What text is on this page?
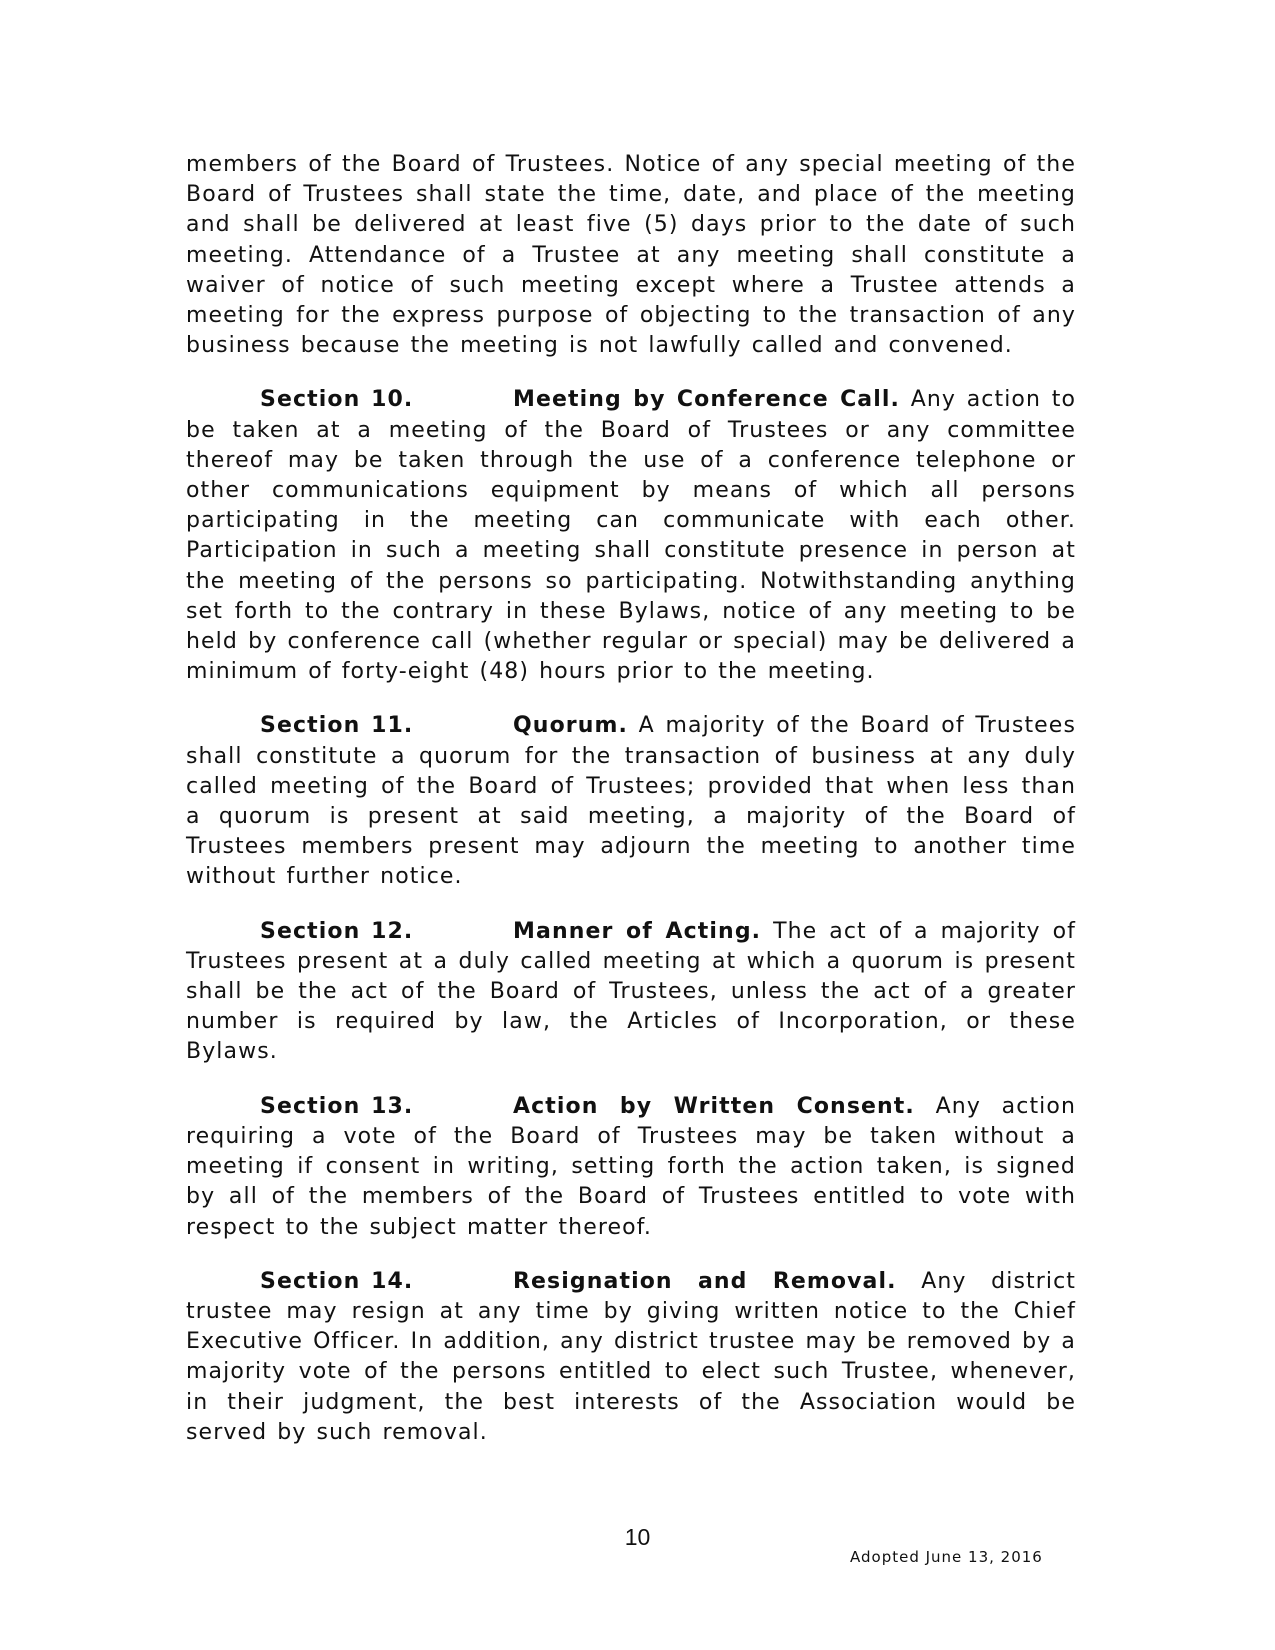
members of the Board of Trustees. Notice of any special meeting of the Board of Trustees shall state the time, date, and place of the meeting and shall be delivered at least five (5) days prior to the date of such meeting. Attendance of a Trustee at any meeting shall constitute a waiver of notice of such meeting except where a Trustee attends a meeting for the express purpose of objecting to the transaction of any business because the meeting is not lawfully called and convened.

Section 10.	Meeting by Conference Call. Any action to be taken at a meeting of the Board of Trustees or any committee thereof may be taken through the use of a conference telephone or other communications equipment by means of which all persons participating in the meeting can communicate with each other. Participation in such a meeting shall constitute presence in person at the meeting of the persons so participating. Notwithstanding anything set forth to the contrary in these Bylaws, notice of any meeting to be held by conference call (whether regular or special) may be delivered a minimum of forty-eight (48) hours prior to the meeting.

Section 11.	Quorum. A majority of the Board of Trustees shall constitute a quorum for the transaction of business at any duly called meeting of the Board of Trustees; provided that when less than a quorum is present at said meeting, a majority of the Board of Trustees members present may adjourn the meeting to another time without further notice.

Section 12.	Manner of Acting. The act of a majority of Trustees present at a duly called meeting at which a quorum is present shall be the act of the Board of Trustees, unless the act of a greater number is required by law, the Articles of Incorporation, or these Bylaws.

Section 13.	Action by Written Consent. Any action requiring a vote of the Board of Trustees may be taken without a meeting if consent in writing, setting forth the action taken, is signed by all of the members of the Board of Trustees entitled to vote with respect to the subject matter thereof.

Section 14.	Resignation and Removal. Any district trustee may resign at any time by giving written notice to the Chief Executive Officer. In addition, any district trustee may be removed by a majority vote of the persons entitled to elect such Trustee, whenever, in their judgment, the best interests of the Association would be served by such removal.

10

Adopted June 13, 2016
